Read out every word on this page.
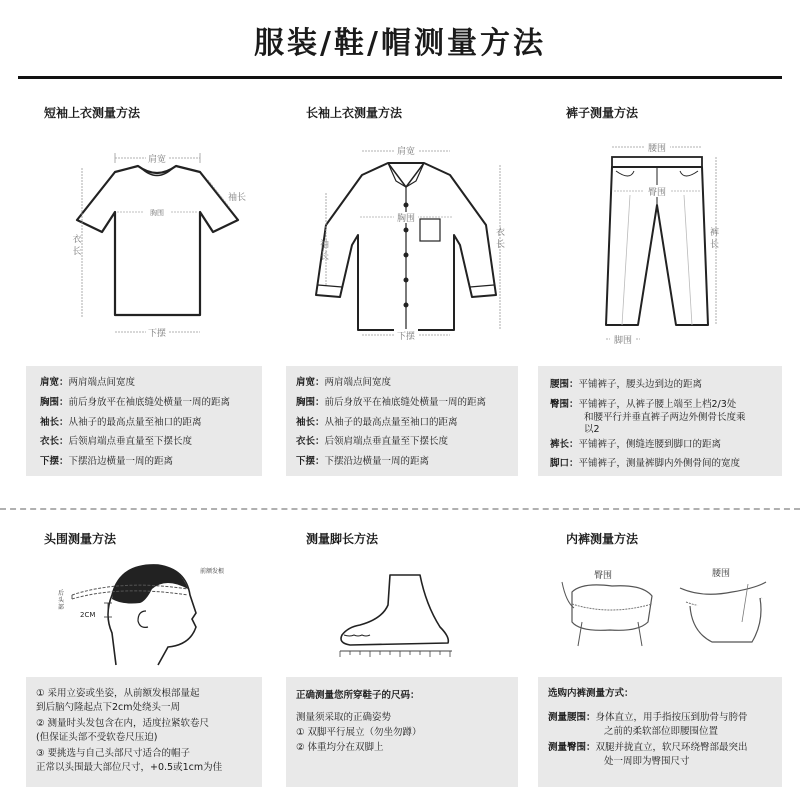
服装/鞋/帽测量方法
短袖上衣测量方法
肩宽
胸围
袖长
衣长
下摆
肩宽：两肩端点间宽度
胸围：前后身放平在袖底缝处横量一周的距离
袖长：从袖子的最高点量至袖口的距离
衣长：后领肩端点垂直量至下摆长度
下摆：下摆沿边横量一周的距离
长袖上衣测量方法
肩宽
胸围
袖长
衣长
下摆
肩宽：两肩端点间宽度
胸围：前后身放平在袖底缝处横量一周的距离
袖长：从袖子的最高点量至袖口的距离
衣长：后领肩端点垂直量至下摆长度
下摆：下摆沿边横量一周的距离
裤子测量方法
腰围
臀围
裤长
脚围
腰围：平铺裤子，腰头边到边的距离
臀围：平铺裤子，从裤子腰上端至上档2/3处
和腰平行并垂直裤子两边外侧骨长度乘
以2
裤长：平铺裤子，侧缝连腰到脚口的距离
脚口：平铺裤子，测量裤脚内外侧骨间的宽度
头围测量方法
2CM
前额发根
后头部
① 采用立姿或坐姿，从前额发根部量起
到后脑勺隆起点下2cm处绕头一周
② 测量时头发包含在内，适度拉紧软卷尺
(但保证头部不受软卷尺压迫)
③ 要挑选与自己头部尺寸适合的帽子
正常以头围最大部位尺寸，+0.5或1cm为佳
测量脚长方法
正确测量您所穿鞋子的尺码：
测量须采取的正确姿势
① 双脚平行展立（勿坐勿蹲）
② 体重均分在双脚上
内裤测量方法
臀围	腰围
选购内裤测量方式：
测量腰围：身体直立，用手指按压到肋骨与胯骨
之前的柔软部位即腰围位置
测量臀围：双腿并拢直立，软尺环绕臀部最突出
处一周即为臀围尺寸
